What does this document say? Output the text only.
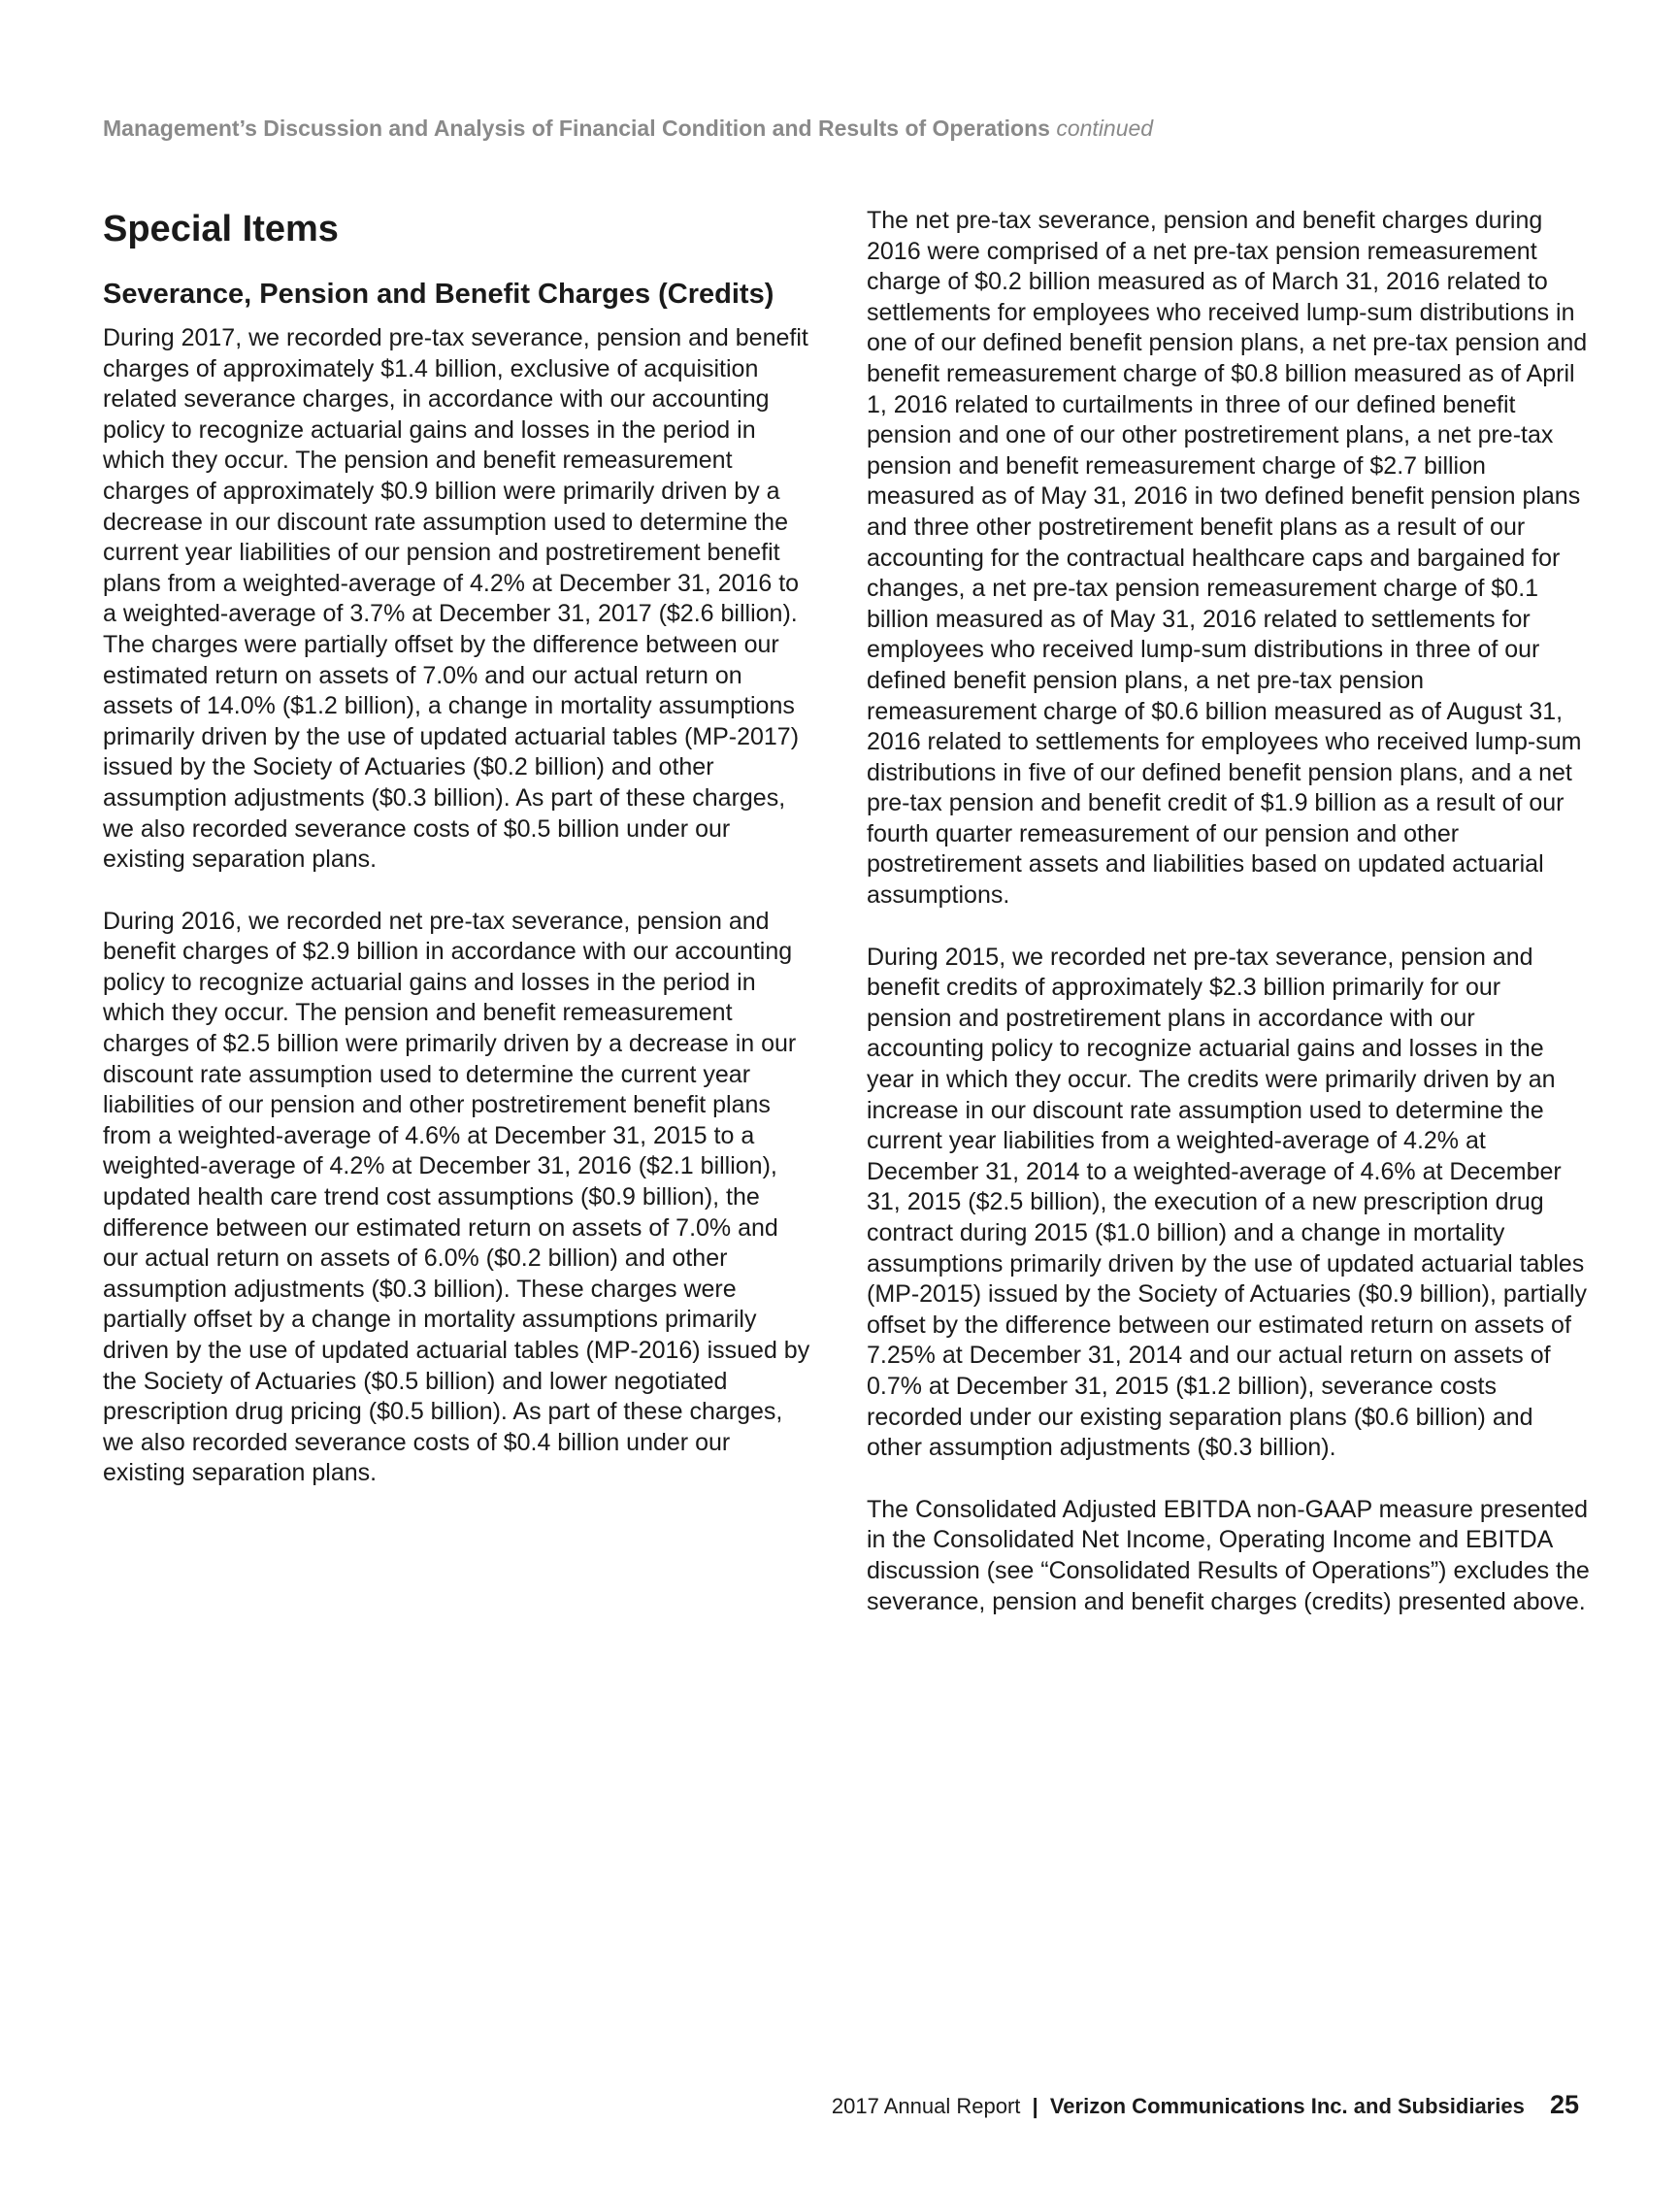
Management’s Discussion and Analysis of Financial Condition and Results of Operations continued
Special Items
Severance, Pension and Benefit Charges (Credits)

During 2017, we recorded pre-tax severance, pension and benefit charges of approximately $1.4 billion, exclusive of acquisition related severance charges, in accordance with our accounting policy to recognize actuarial gains and losses in the period in which they occur. The pension and benefit remeasurement charges of approximately $0.9 billion were primarily driven by a decrease in our discount rate assumption used to determine the current year liabilities of our pension and postretirement benefit plans from a weighted-average of 4.2% at December 31, 2016 to a weighted-average of 3.7% at December 31, 2017 ($2.6 billion). The charges were partially offset by the difference between our estimated return on assets of 7.0% and our actual return on assets of 14.0% ($1.2 billion), a change in mortality assumptions primarily driven by the use of updated actuarial tables (MP-2017) issued by the Society of Actuaries ($0.2 billion) and other assumption adjustments ($0.3 billion). As part of these charges, we also recorded severance costs of $0.5 billion under our existing separation plans.

During 2016, we recorded net pre-tax severance, pension and benefit charges of $2.9 billion in accordance with our accounting policy to recognize actuarial gains and losses in the period in which they occur. The pension and benefit remeasurement charges of $2.5 billion were primarily driven by a decrease in our discount rate assumption used to determine the current year liabilities of our pension and other postretirement benefit plans from a weighted-average of 4.6% at December 31, 2015 to a weighted-average of 4.2% at December 31, 2016 ($2.1 billion), updated health care trend cost assumptions ($0.9 billion), the difference between our estimated return on assets of 7.0% and our actual return on assets of 6.0% ($0.2 billion) and other assumption adjustments ($0.3 billion). These charges were partially offset by a change in mortality assumptions primarily driven by the use of updated actuarial tables (MP-2016) issued by the Society of Actuaries ($0.5 billion) and lower negotiated prescription drug pricing ($0.5 billion). As part of these charges, we also recorded severance costs of $0.4 billion under our existing separation plans.

The net pre-tax severance, pension and benefit charges during 2016 were comprised of a net pre-tax pension remeasurement charge of $0.2 billion measured as of March 31, 2016 related to settlements for employees who received lump-sum distributions in one of our defined benefit pension plans, a net pre-tax pension and benefit remeasurement charge of $0.8 billion measured as of April 1, 2016 related to curtailments in three of our defined benefit pension and one of our other postretirement plans, a net pre-tax pension and benefit remeasurement charge of $2.7 billion measured as of May 31, 2016 in two defined benefit pension plans and three other postretirement benefit plans as a result of our accounting for the contractual healthcare caps and bargained for changes, a net pre-tax pension remeasurement charge of $0.1 billion measured as of May 31, 2016 related to settlements for employees who received lump-sum distributions in three of our defined benefit pension plans, a net pre-tax pension remeasurement charge of $0.6 billion measured as of August 31, 2016 related to settlements for employees who received lump-sum distributions in five of our defined benefit pension plans, and a net pre-tax pension and benefit credit of $1.9 billion as a result of our fourth quarter remeasurement of our pension and other postretirement assets and liabilities based on updated actuarial assumptions.

During 2015, we recorded net pre-tax severance, pension and benefit credits of approximately $2.3 billion primarily for our pension and postretirement plans in accordance with our accounting policy to recognize actuarial gains and losses in the year in which they occur. The credits were primarily driven by an increase in our discount rate assumption used to determine the current year liabilities from a weighted-average of 4.2% at December 31, 2014 to a weighted-average of 4.6% at December 31, 2015 ($2.5 billion), the execution of a new prescription drug contract during 2015 ($1.0 billion) and a change in mortality assumptions primarily driven by the use of updated actuarial tables (MP-2015) issued by the Society of Actuaries ($0.9 billion), partially offset by the difference between our estimated return on assets of 7.25% at December 31, 2014 and our actual return on assets of 0.7% at December 31, 2015 ($1.2 billion), severance costs recorded under our existing separation plans ($0.6 billion) and other assumption adjustments ($0.3 billion).

The Consolidated Adjusted EBITDA non-GAAP measure presented in the Consolidated Net Income, Operating Income and EBITDA discussion (see “Consolidated Results of Operations”) excludes the severance, pension and benefit charges (credits) presented above.

2017 Annual Report | Verizon Communications Inc. and Subsidiaries 25
